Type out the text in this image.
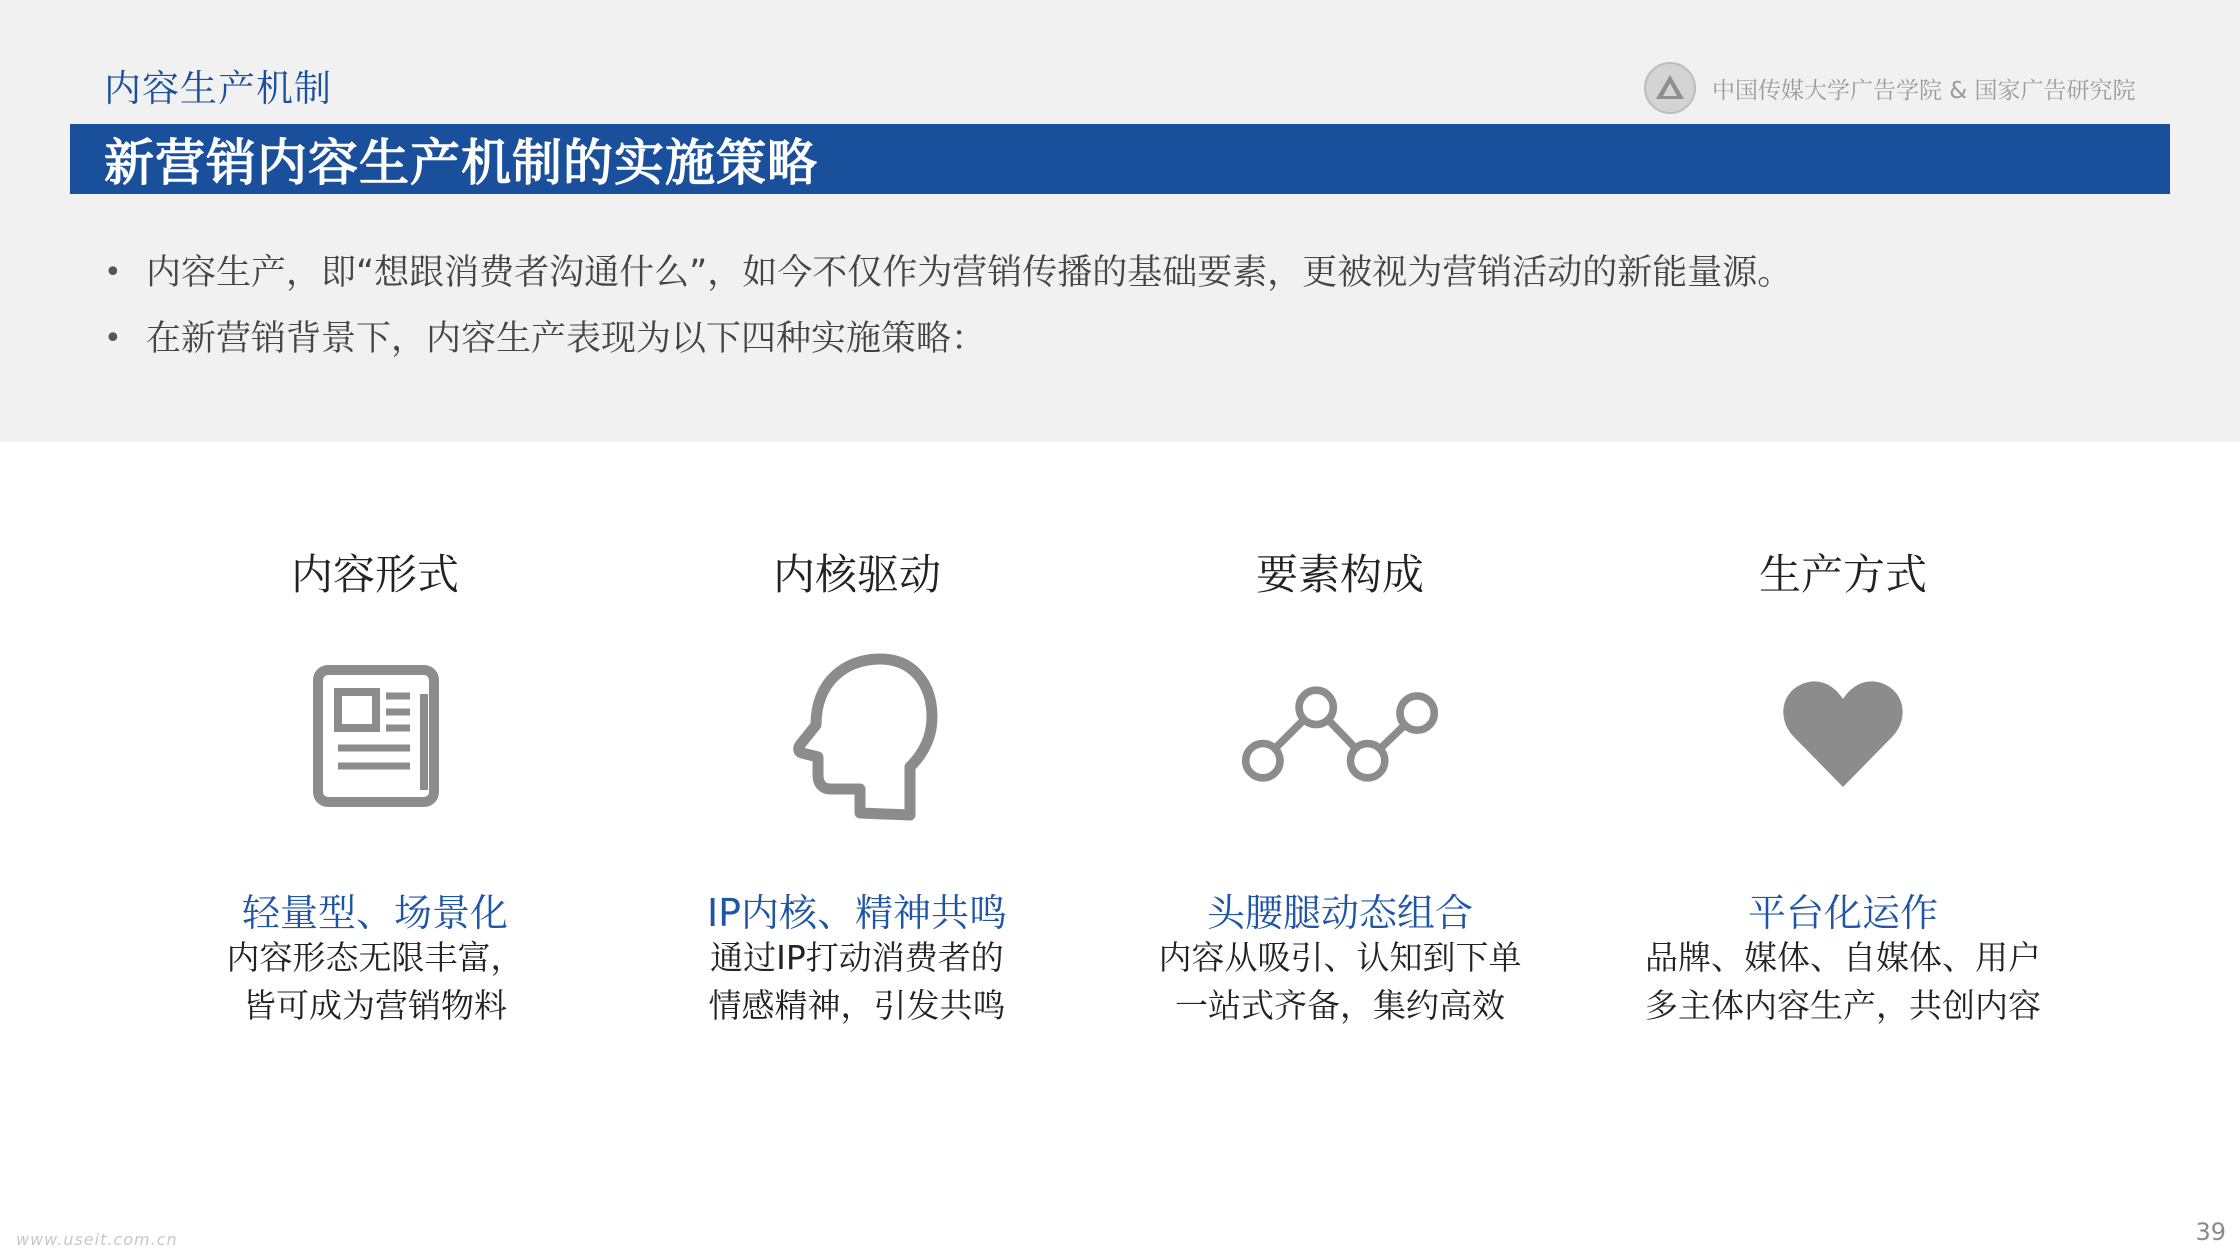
内容生产机制	中国传媒大学广告学院 & 国家广告研究院
新营销内容生产机制的实施策略
• 内容生产，即“想跟消费者沟通什么”，如今不仅作为营销传播的基础要素，更被视为营销活动的新能量源。
• 在新营销背景下，内容生产表现为以下四种实施策略：
内容形式
轻量型、场景化
内容形态无限丰富，
皆可成为营销物料
内核驱动
IP内核、精神共鸣
通过IP打动消费者的
情感精神，引发共鸣
要素构成
头腰腿动态组合
内容从吸引、认知到下单
一站式齐备，集约高效
生产方式
平台化运作
品牌、媒体、自媒体、用户
多主体内容生产，共创内容
www.useit.com.cn	39
